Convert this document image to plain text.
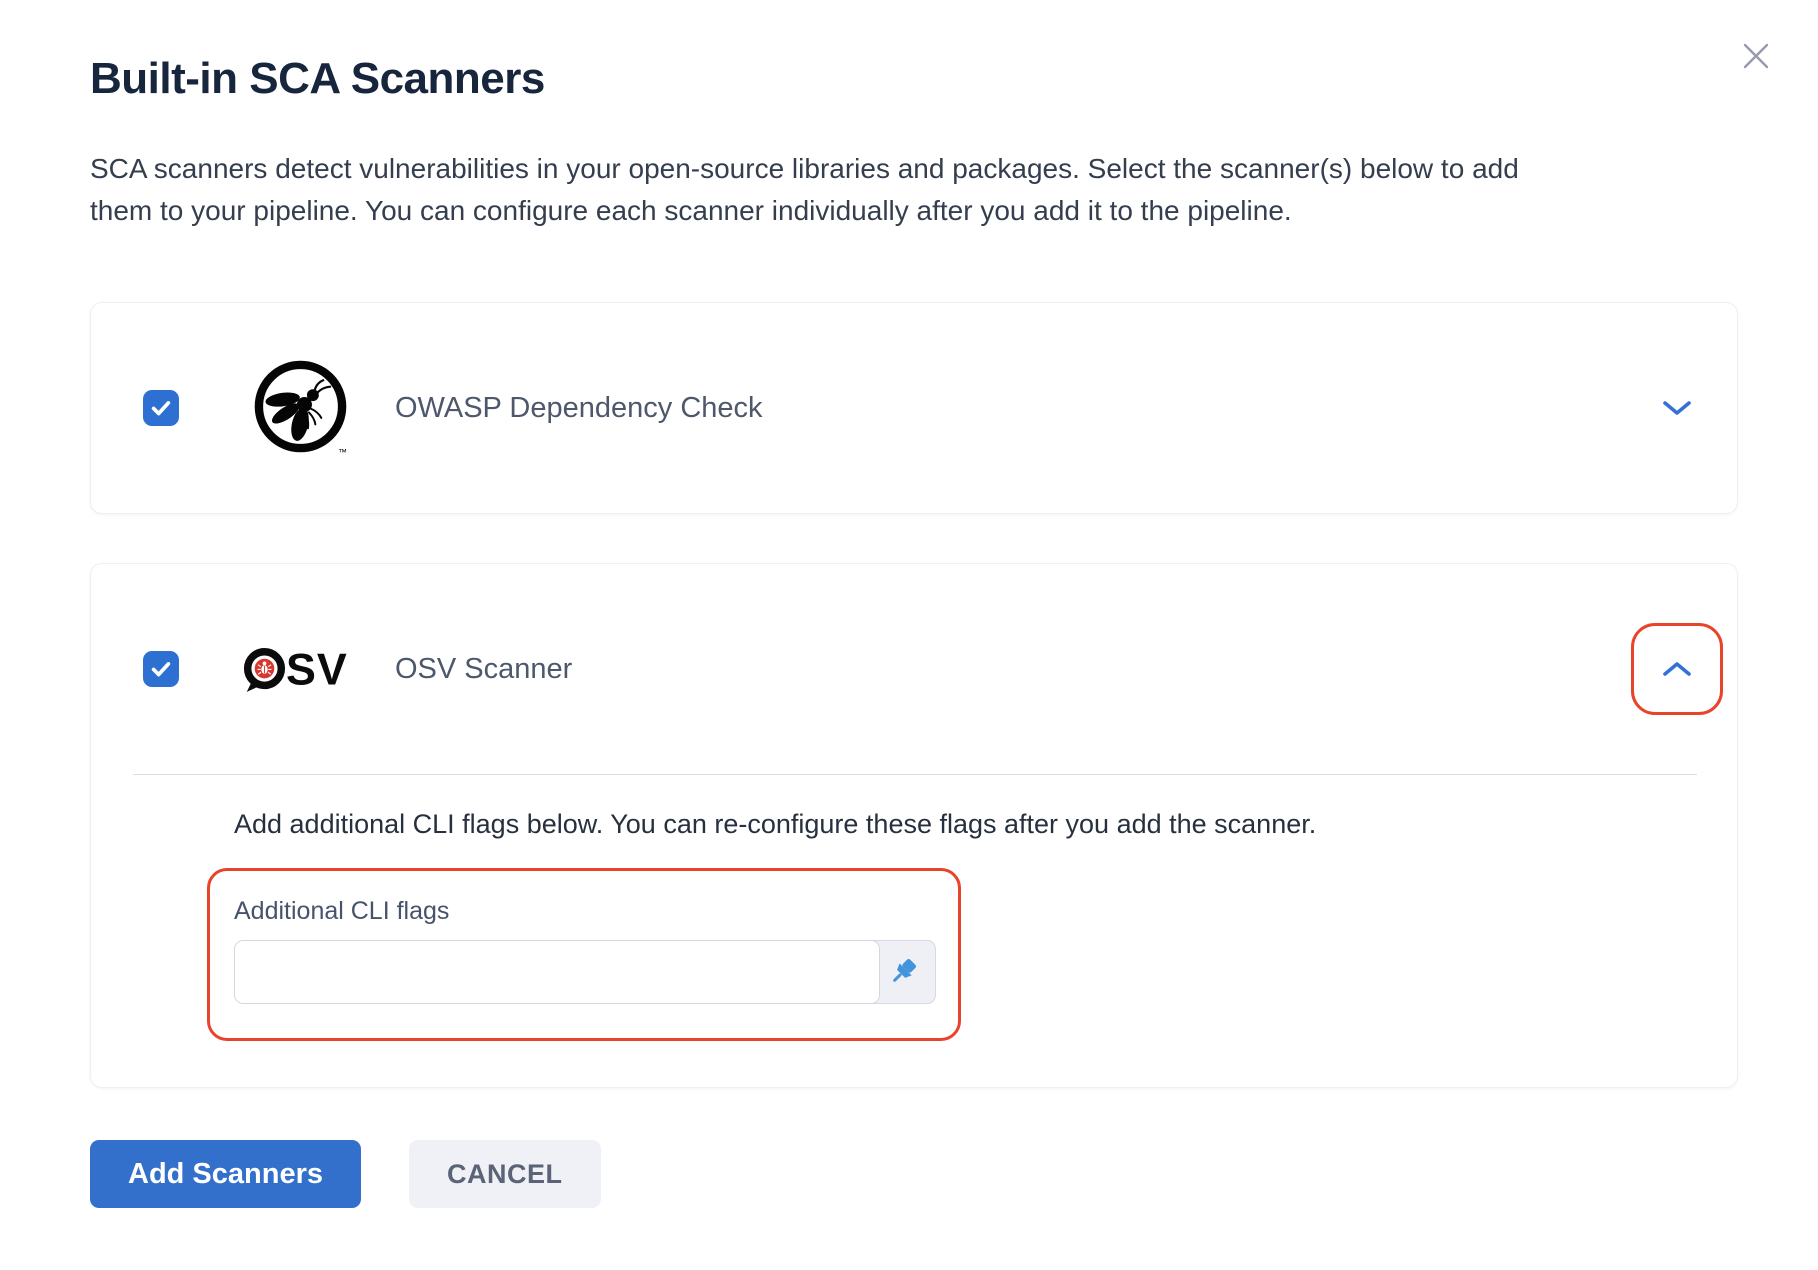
Built-in SCA Scanners

SCA scanners detect vulnerabilities in your open-source libraries and packages. Select the scanner(s) below to add them to your pipeline. You can configure each scanner individually after you add it to the pipeline.

™
OWASP Dependency Check
SV OSV Scanner

Add additional CLI flags below. You can re-configure these flags after you add the scanner.

Additional CLI flags
Add Scanners	CANCEL
